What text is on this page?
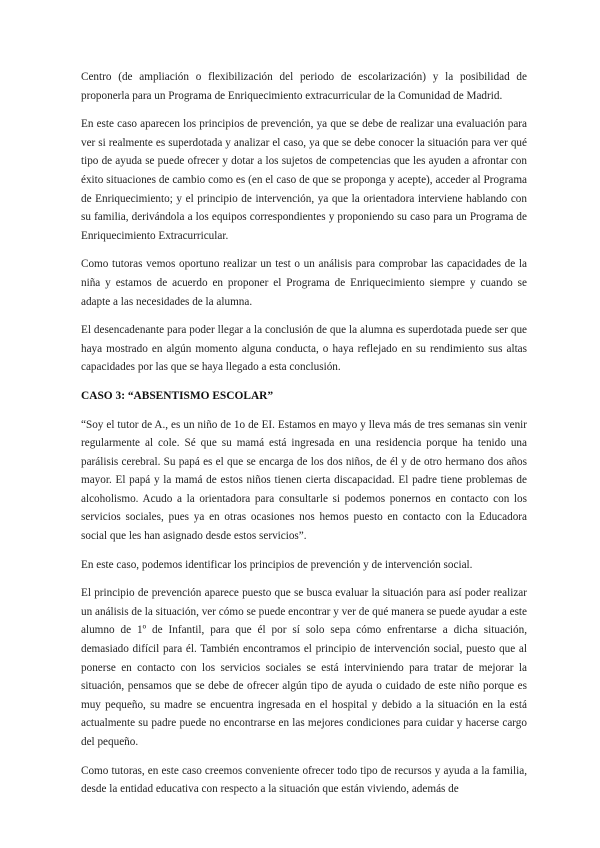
Centro (de ampliación o flexibilización del periodo de escolarización) y la posibilidad de proponerla para un Programa de Enriquecimiento extracurricular de la Comunidad de Madrid.

En este caso aparecen los principios de prevención, ya que se debe de realizar una evaluación para ver si realmente es superdotada y analizar el caso, ya que se debe conocer la situación para ver qué tipo de ayuda se puede ofrecer y dotar a los sujetos de competencias que les ayuden a afrontar con éxito situaciones de cambio como es (en el caso de que se proponga y acepte), acceder al Programa de Enriquecimiento; y el principio de intervención, ya que la orientadora interviene hablando con su familia, derivándola a los equipos correspondientes y proponiendo su caso para un Programa de Enriquecimiento Extracurricular.

Como tutoras vemos oportuno realizar un test o un análisis para comprobar las capacidades de la niña y estamos de acuerdo en proponer el Programa de Enriquecimiento siempre y cuando se adapte a las necesidades de la alumna.

El desencadenante para poder llegar a la conclusión de que la alumna es superdotada puede ser que haya mostrado en algún momento alguna conducta, o haya reflejado en su rendimiento sus altas capacidades por las que se haya llegado a esta conclusión.

CASO 3: “ABSENTISMO ESCOLAR”

“Soy el tutor de A., es un niño de 1o de EI. Estamos en mayo y lleva más de tres semanas sin venir regularmente al cole. Sé que su mamá está ingresada en una residencia porque ha tenido una parálisis cerebral. Su papá es el que se encarga de los dos niños, de él y de otro hermano dos años mayor. El papá y la mamá de estos niños tienen cierta discapacidad. El padre tiene problemas de alcoholismo. Acudo a la orientadora para consultarle si podemos ponernos en contacto con los servicios sociales, pues ya en otras ocasiones nos hemos puesto en contacto con la Educadora social que les han asignado desde estos servicios”.

En este caso, podemos identificar los principios de prevención y de intervención social.

El principio de prevención aparece puesto que se busca evaluar la situación para así poder realizar un análisis de la situación, ver cómo se puede encontrar y ver de qué manera se puede ayudar a este alumno de 1º de Infantil, para que él por sí solo sepa cómo enfrentarse a dicha situación, demasiado difícil para él. También encontramos el principio de intervención social, puesto que al ponerse en contacto con los servicios sociales se está interviniendo para tratar de mejorar la situación, pensamos que se debe de ofrecer algún tipo de ayuda o cuidado de este niño porque es muy pequeño, su madre se encuentra ingresada en el hospital y debido a la situación en la está actualmente su padre puede no encontrarse en las mejores condiciones para cuidar y hacerse cargo del pequeño.

Como tutoras, en este caso creemos conveniente ofrecer todo tipo de recursos y ayuda a la familia, desde la entidad educativa con respecto a la situación que están viviendo, además de
